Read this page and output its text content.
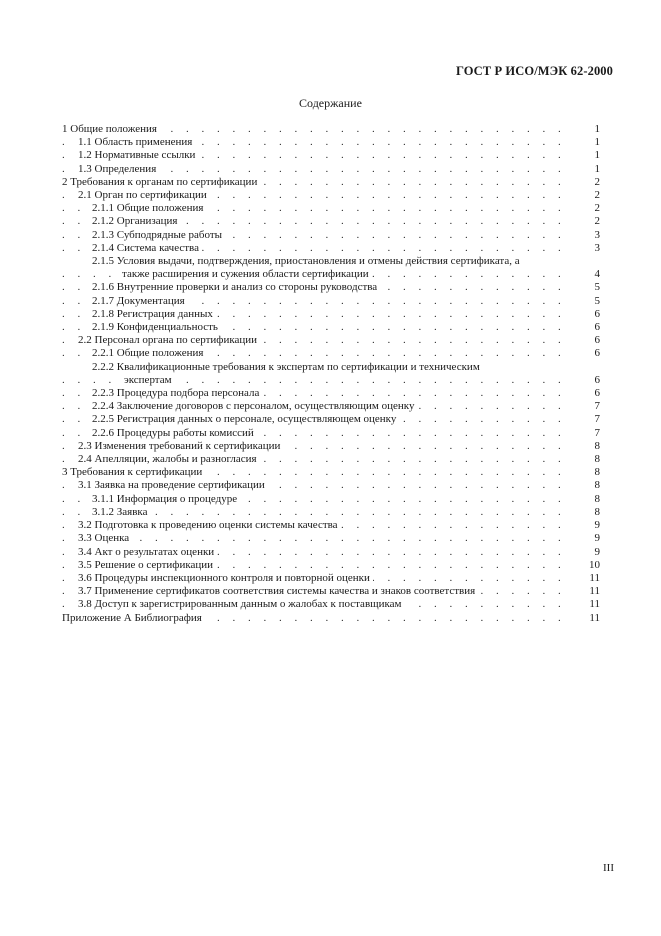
ГОСТ Р ИСО/МЭК 62-2000
Содержание
1 Общие положения	1
. . .
1.1 Область применения	1
. . .
1.2 Нормативные ссылки	1
. . .
1.3 Определения	1
. . .
2 Требования к органам по сертификации	2
. . .
2.1 Орган по сертификации	2
. . .
2.1.1 Общие положения	2
. . .
2.1.2 Организация	2
. . .
2.1.3 Субподрядные работы	3
. . .
2.1.4 Система качества	3
. . .
2.1.5 Условия выдачи, подтверждения, приостановления и отмены действия сертификата, а
также расширения и сужения области сертификации	4
. . .
2.1.6 Внутренние проверки и анализ со стороны руководства	5
. . .
2.1.7 Документация	5
. . .
2.1.8 Регистрация данных	6
. . .
2.1.9 Конфиденциальность	6
. . .
2.2 Персонал органа по сертификации	6
. . .
2.2.1 Общие положения	6
. . .
2.2.2 Квалификационные требования к экспертам по сертификации и техническим
экспертам	6
. . .
2.2.3 Процедура подбора персонала	6
. . .
2.2.4 Заключение договоров с персоналом, осуществляющим оценку	7
. . .
2.2.5 Регистрация данных о персонале, осуществляющем оценку	7
. . .
2.2.6 Процедуры работы комиссий	7
. . .
2.3 Изменения требований к сертификации	8
. . .
2.4 Апелляции, жалобы и разногласия	8
. . .
3 Требования к сертификации	8
. . .
3.1 Заявка на проведение сертификации	8
. . .
3.1.1 Информация о процедуре	8
. . .
3.1.2 Заявка	8
. . .
3.2 Подготовка к проведению оценки системы качества	9
. . .
3.3 Оценка	9
. . .
3.4 Акт о результатах оценки	9
. . .
3.5 Решение о сертификации	10
. . .
3.6 Процедуры инспекционного контроля и повторной оценки	11
. . .
3.7 Применение сертификатов соответствия системы качества и знаков соответствия	11
. . .
3.8 Доступ к зарегистрированным данным о жалобах к поставщикам	11
. . .
Приложение А Библиография	11
. . .
III
